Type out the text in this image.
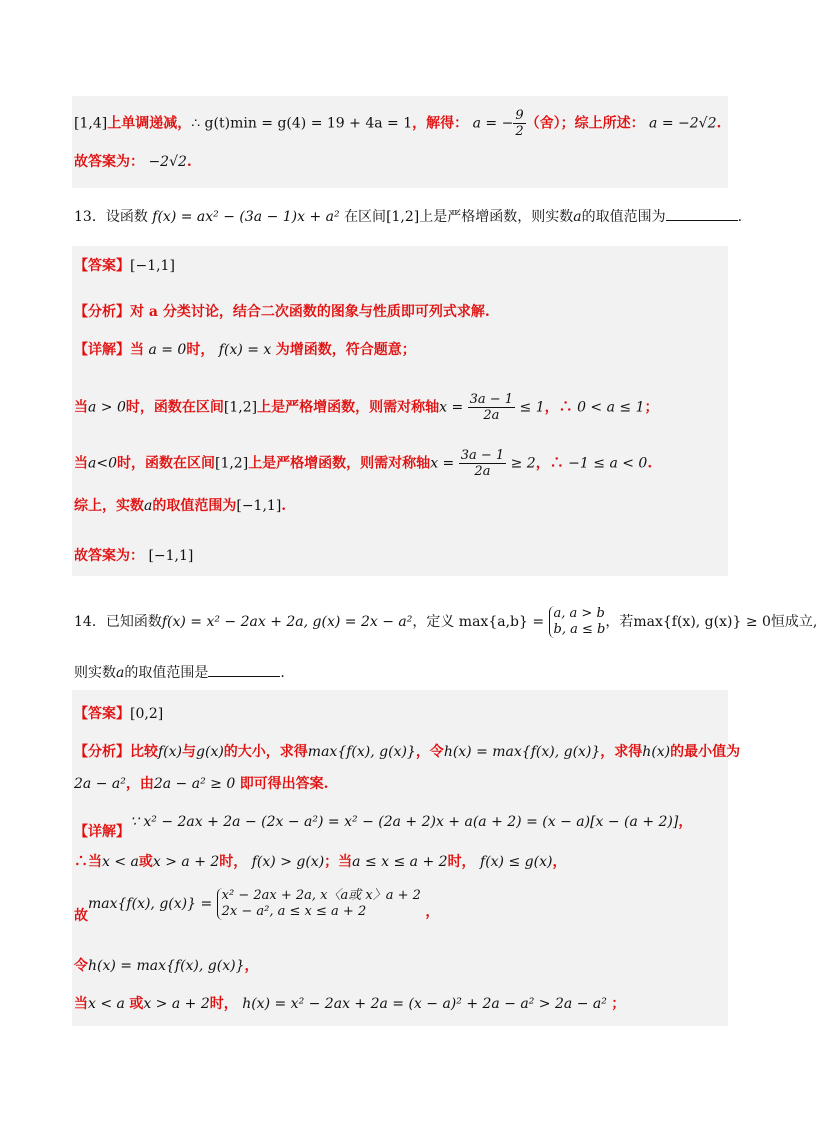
[1,4]上单调递减，∴ g(t)min = g(4) = 19 + 4a = 1，解得： a = − $\frac{9}{2}$ （舍）；综上所述： a = −2√2.
故答案为： −2√2.
13．设函数 f(x) = ax² − (3a − 1)x + a² 在区间[1,2]上是严格增函数，则实数a的取值范围为	.
【答案】[−1,1]
【分析】对 a 分类讨论，结合二次函数的图象与性质即可列式求解.
【详解】当 a = 0时， f(x) = x 为增函数，符合题意；
当a > 0时，函数在区间[1,2]上是严格增函数，则需对称轴$x = \frac{3a - 1}{2a} \le 1$，∴ 0 < a ≤ 1；
当a<0时，函数在区间[1,2]上是严格增函数，则需对称轴$x = \frac{3a - 1}{2a} \ge 2$，∴ −1 ≤ a < 0.
综上，实数a的取值范围为[−1,1].
故答案为： [−1,1]
14．已知函数f(x) = x² − 2ax + 2a, g(x) = 2x − a²，定义 max{a,b} =
a, a > b
b, a ≤ b ，若max{f(x), g(x)} ≥ 0恒成立,
则实数a的取值范围是	.
【答案】[0,2]
【分析】比较f(x)与g(x)的大小，求得max{f(x), g(x)}，令h(x) = max{f(x), g(x)}，求得h(x)的最小值为
2a − a²，由2a − a² ≥ 0 即可得出答案.
【详解】∵ x² − 2ax + 2a − (2x − a²) = x² − (2a + 2)x + a(a + 2) = (x − a)[x − (a + 2)]，
∴当x < a或x > a + 2时， f(x) > g(x)；当a ≤ x ≤ a + 2时， f(x) ≤ g(x)，
故max{f(x), g(x)} =
x² − 2ax + 2a, x〈a或 x〉a + 2
2x − a², a ≤ x ≤ a + 2	，
令h(x) = max{f(x), g(x)}，
当x < a 或x > a + 2时， h(x) = x² − 2ax + 2a = (x − a)² + 2a − a² > 2a − a² ；
